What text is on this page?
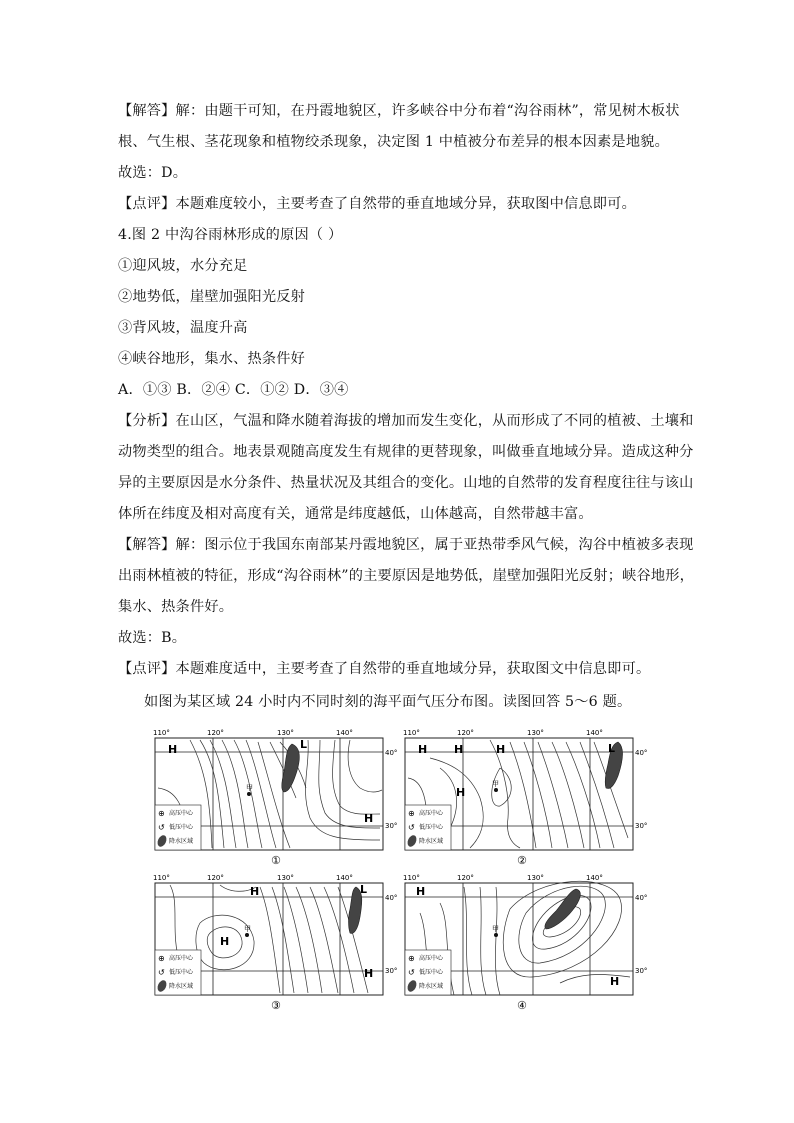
【解答】解：由题干可知，在丹霞地貌区，许多峡谷中分布着“沟谷雨林”，常见树木板状
根、气生根、茎花现象和植物绞杀现象，决定图 1 中植被分布差异的根本因素是地貌。
故选：D。
【点评】本题难度较小，主要考查了自然带的垂直地域分异，获取图中信息即可。
4.图 2 中沟谷雨林形成的原因（ ）
①迎风坡，水分充足
②地势低，崖壁加强阳光反射
③背风坡，温度升高
④峡谷地形，集水、热条件好
A．①③ B．②④ C．①② D．③④
【分析】在山区，气温和降水随着海拔的增加而发生变化，从而形成了不同的植被、土壤和
动物类型的组合。地表景观随高度发生有规律的更替现象，叫做垂直地域分异。造成这种分
异的主要原因是水分条件、热量状况及其组合的变化。山地的自然带的发育程度往往与该山
体所在纬度及相对高度有关，通常是纬度越低，山体越高，自然带越丰富。
【解答】解：图示位于我国东南部某丹霞地貌区，属于亚热带季风气候，沟谷中植被多表现
出雨林植被的特征，形成“沟谷雨林”的主要原因是地势低，崖壁加强阳光反射；峡谷地形，
集水、热条件好。
故选：B。
【点评】本题难度适中，主要考查了自然带的垂直地域分异，获取图文中信息即可。
如图为某区域 24 小时内不同时刻的海平面气压分布图。读图回答 5～6 题。
110°	120°	130°	140°
40°
30°
H
H
L
甲
⊕
↺
高压中心
低压中心
降水区域
①
110°	120°	130°	140°
40°
30°
H H	H
H
L
甲
⊕
↺
高压中心
低压中心
降水区域
②
110°	120°	130°	140°
40°
30°
H
H
H
L
甲
⊕
↺
高压中心
低压中心
降水区域
③
110°	120°	130°	140°
40°
30°
H
H
甲
⊕
↺
高压中心
低压中心
降水区域
④
